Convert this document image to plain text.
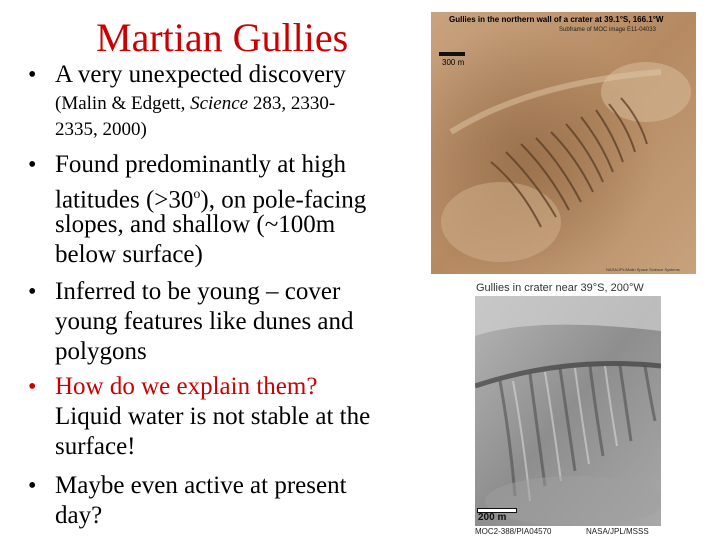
Martian Gullies
• A very unexpected discovery
(Malin & Edgett, Science 283, 2330-
2335, 2000)
• Found predominantly at high
latitudes $(>30^o)$, on pole-facing
slopes, and shallow (~100m
below surface)
• Inferred to be young – cover
young features like dunes and
polygons
• How do we explain them?
Liquid water is not stable at the
surface!
• Maybe even active at present
day?
Gullies in the northern wall of a crater at 39.1°S, 166.1°W
Subframe of MOC image E11-04033
300 m
NASA/JPL/Malin Space Science Systems
Gullies in crater near 39°S, 200°W
200 m
MOC2-388/PIA04570	NASA/JPL/MSSS
